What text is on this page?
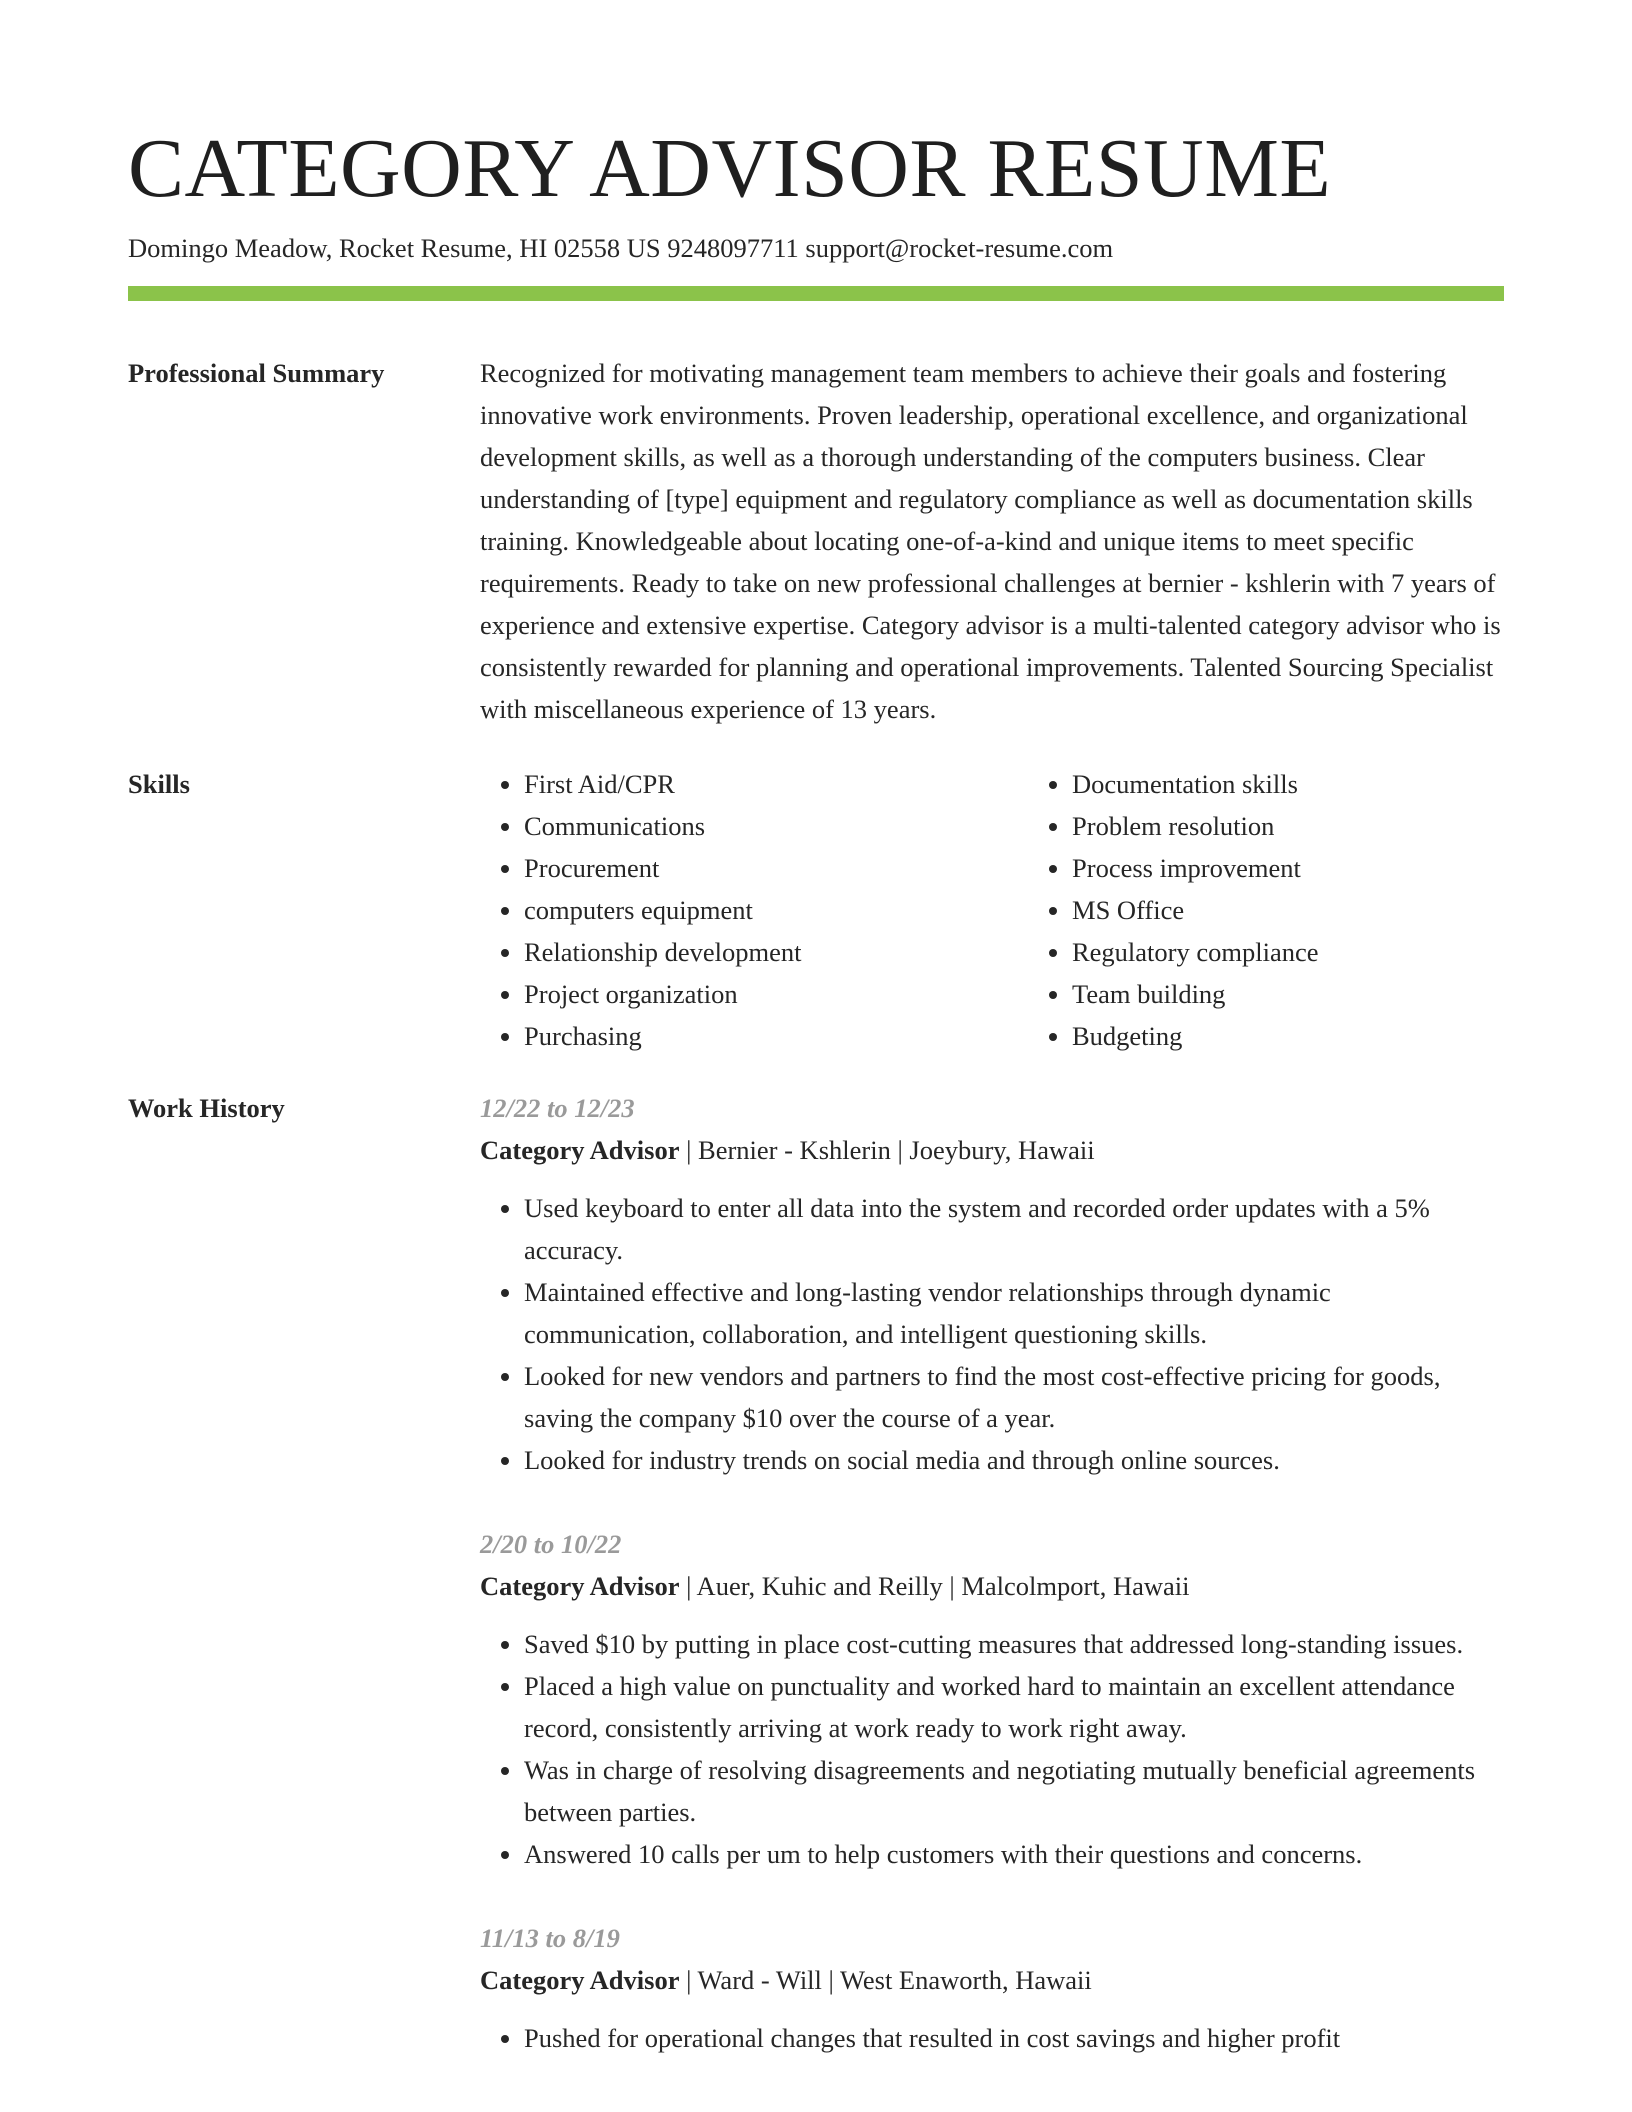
CATEGORY ADVISOR RESUME
Domingo Meadow, Rocket Resume, HI 02558 US 9248097711 support@rocket-resume.com
Professional Summary	Recognized for motivating management team members to achieve their goals and fostering innovative work environments. Proven leadership, operational excellence, and organizational development skills, as well as a thorough understanding of the computers business. Clear understanding of [type] equipment and regulatory compliance as well as documentation skills training. Knowledgeable about locating one-of-a-kind and unique items to meet specific requirements. Ready to take on new professional challenges at bernier - kshlerin with 7 years of experience and extensive expertise. Category advisor is a multi-talented category advisor who is consistently rewarded for planning and operational improvements. Talented Sourcing Specialist with miscellaneous experience of 13 years.

Skills
•	First Aid/CPR
• Communications
• Procurement
• computers equipment
• Relationship development
• Project organization
• Purchasing
• Documentation skills
• Problem resolution
• Process improvement
• MS Office
• Regulatory compliance
• Team building
• Budgeting
Work History	12/22 to 12/23
Category Advisor | Bernier - Kshlerin | Joeybury, Hawaii
• Used keyboard to enter all data into the system and recorded order updates with a 5% accuracy.
• Maintained effective and long-lasting vendor relationships through dynamic communication, collaboration, and intelligent questioning skills.
• Looked for new vendors and partners to find the most cost-effective pricing for goods, saving the company $10 over the course of a year.
• Looked for industry trends on social media and through online sources.
2/20 to 10/22
Category Advisor | Auer, Kuhic and Reilly | Malcolmport, Hawaii
• Saved $10 by putting in place cost-cutting measures that addressed long-standing issues.
• Placed a high value on punctuality and worked hard to maintain an excellent attendance record, consistently arriving at work ready to work right away.
• Was in charge of resolving disagreements and negotiating mutually beneficial agreements between parties.
• Answered 10 calls per um to help customers with their questions and concerns.
11/13 to 8/19
Category Advisor | Ward - Will | West Enaworth, Hawaii
• Pushed for operational changes that resulted in cost savings and higher profit
